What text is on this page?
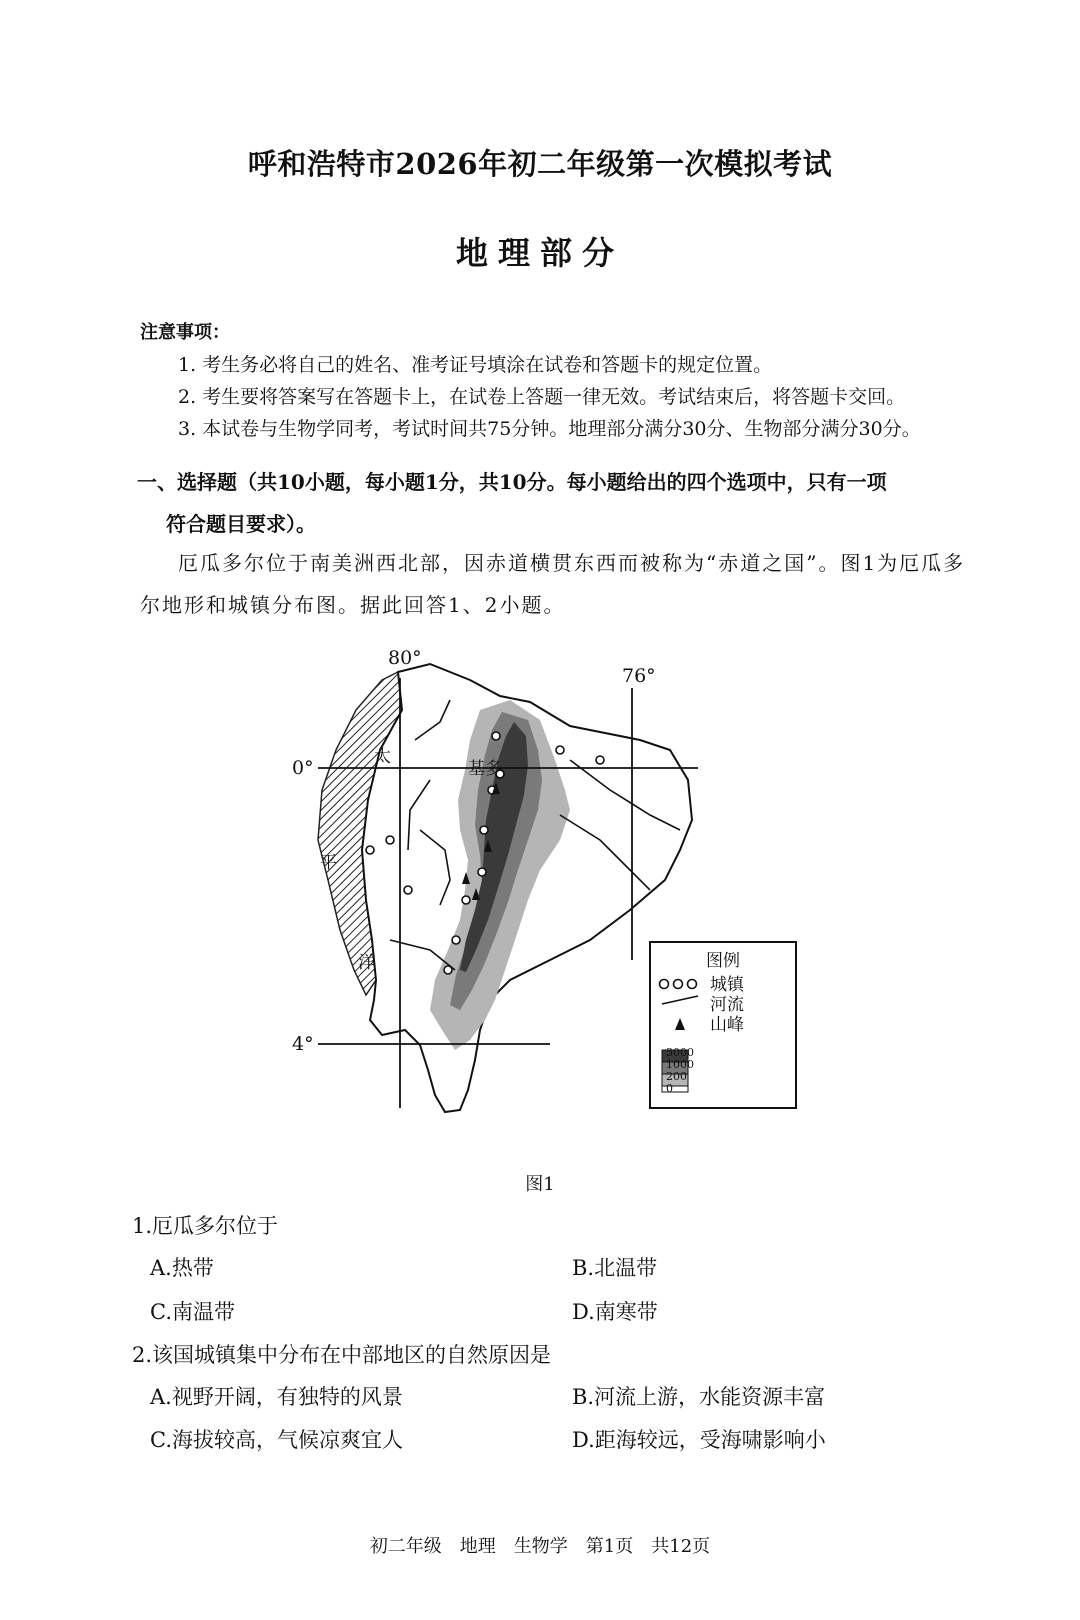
呼和浩特市2026年初二年级第一次模拟考试
地理部分
注意事项：
1. 考生务必将自己的姓名、准考证号填涂在试卷和答题卡的规定位置。
2. 考生要将答案写在答题卡上，在试卷上答题一律无效。考试结束后，将答题卡交回。
3. 本试卷与生物学同考，考试时间共75分钟。地理部分满分30分、生物部分满分30分。
一、选择题（共10小题，每小题1分，共10分。每小题给出的四个选项中，只有一项
符合题目要求）。
厄瓜多尔位于南美洲西北部，因赤道横贯东西而被称为“赤道之国”。图1为厄瓜多尔地形和城镇分布图。据此回答1、2小题。
基多
太
平
洋
80°
76°
0°
4°
图例
城镇
河流
山峰
3000
1000
200
0
图1
1.厄瓜多尔位于
A.热带	B.北温带
C.南温带	D.南寒带
2.该国城镇集中分布在中部地区的自然原因是
A.视野开阔，有独特的风景	B.河流上游，水能资源丰富
C.海拔较高，气候凉爽宜人	D.距海较远，受海啸影响小
初二年级　地理　生物学　第1页　共12页
